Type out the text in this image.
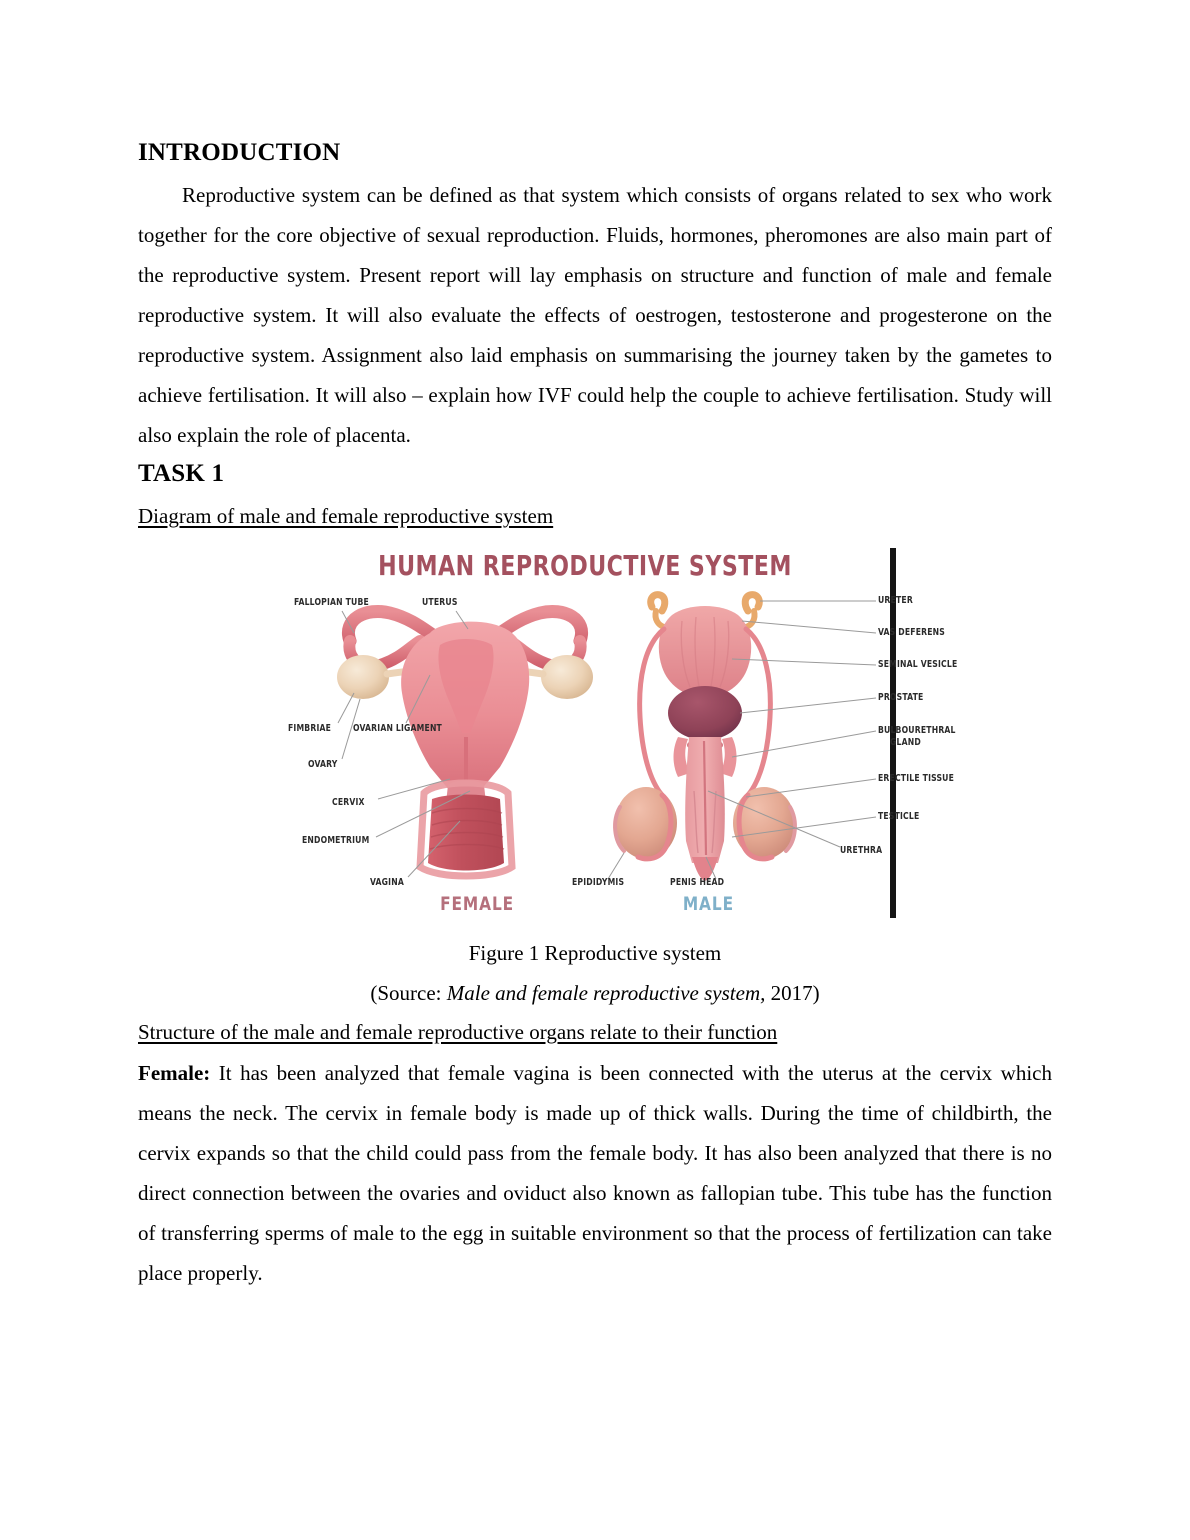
INTRODUCTION

Reproductive system can be defined as that system which consists of organs related to sex who work together for the core objective of sexual reproduction. Fluids, hormones, pheromones are also main part of the reproductive system. Present report will lay emphasis on structure and function of male and female reproductive system. It will also evaluate the effects of oestrogen, testosterone and progesterone on the reproductive system. Assignment also laid emphasis on summarising the journey taken by the gametes to achieve fertilisation. It will also – explain how IVF could help the couple to achieve fertilisation. Study will also explain the role of placenta.

TASK 1
Diagram of male and female reproductive system
HUMAN REPRODUCTIVE SYSTEM
FALLOPIAN TUBE	UTERUS
FIMBRIAE OVARIAN LIGAMENT
OVARY
CERVIX
ENDOMETRIUM
VAGINA	EPIDIDYMIS	PENIS HEAD
URETER
VAS DEFERENS
SEMINAL VESICLE
PROSTATE
BULBOURETHRAL
GLAND
ERECTILE TISSUE
TESTICLE
URETHRA
FEMALE	MALE

Figure 1 Reproductive system

(Source: Male and female reproductive system, 2017)

Structure of the male and female reproductive organs relate to their function

Female: It has been analyzed that female vagina is been connected with the uterus at the cervix which means the neck. The cervix in female body is made up of thick walls. During the time of childbirth, the cervix expands so that the child could pass from the female body. It has also been analyzed that there is no direct connection between the ovaries and oviduct also known as fallopian tube. This tube has the function of transferring sperms of male to the egg in suitable environment so that the process of fertilization can take place properly.
